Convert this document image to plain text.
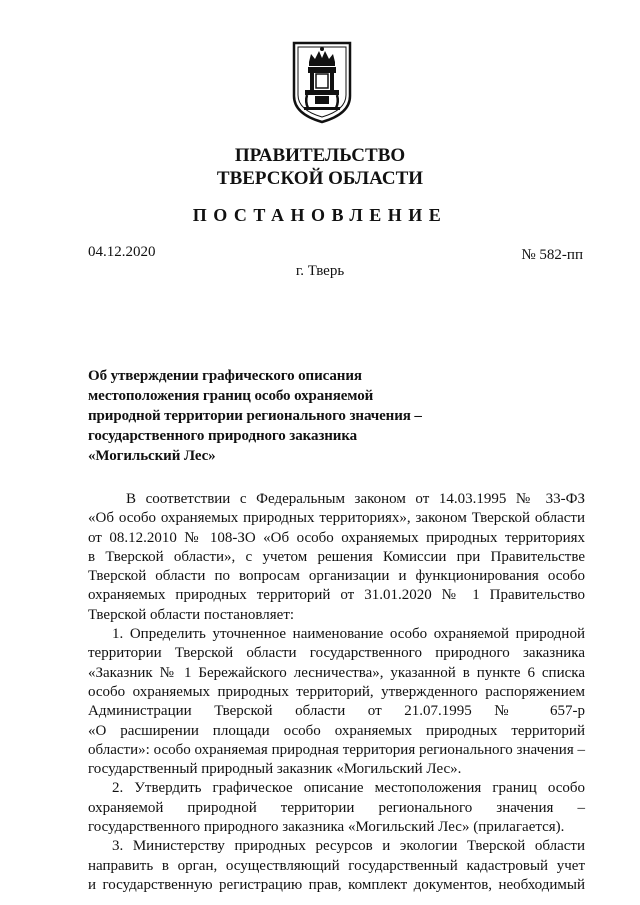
ПРАВИТЕЛЬСТВО
ТВЕРСКОЙ ОБЛАСТИ
ПОСТАНОВЛЕНИЕ
04.12.2020	№ 582-пп
г. Тверь
Об утверждении графического описания
местоположения границ особо охраняемой
природной территории регионального значения –
государственного природного заказника
«Могильский Лес»
В соответствии с Федеральным законом от 14.03.1995 № 33-ФЗ
«Об особо охраняемых природных территориях», законом Тверской области
от 08.12.2010 № 108-ЗО «Об особо охраняемых природных территориях
в Тверской области», с учетом решения Комиссии при Правительстве
Тверской области по вопросам организации и функционирования особо
охраняемых природных территорий от 31.01.2020 № 1 Правительство
Тверской области постановляет:
1. Определить уточненное наименование особо охраняемой природной
территории Тверской области государственного природного заказника
«Заказник № 1 Бережайского лесничества», указанной в пункте 6 списка
особо охраняемых природных территорий, утвержденного распоряжением
Администрации Тверской области от 21.07.1995 № 657-р
«О расширении площади особо охраняемых природных территорий
области»: особо охраняемая природная территория регионального значения –
государственный природный заказник «Могильский Лес».
2. Утвердить графическое описание местоположения границ особо
охраняемой природной территории регионального значения –
государственного природного заказника «Могильский Лес» (прилагается).
3. Министерству природных ресурсов и экологии Тверской области
направить в орган, осуществляющий государственный кадастровый учет
и государственную регистрацию прав, комплект документов, необходимый
